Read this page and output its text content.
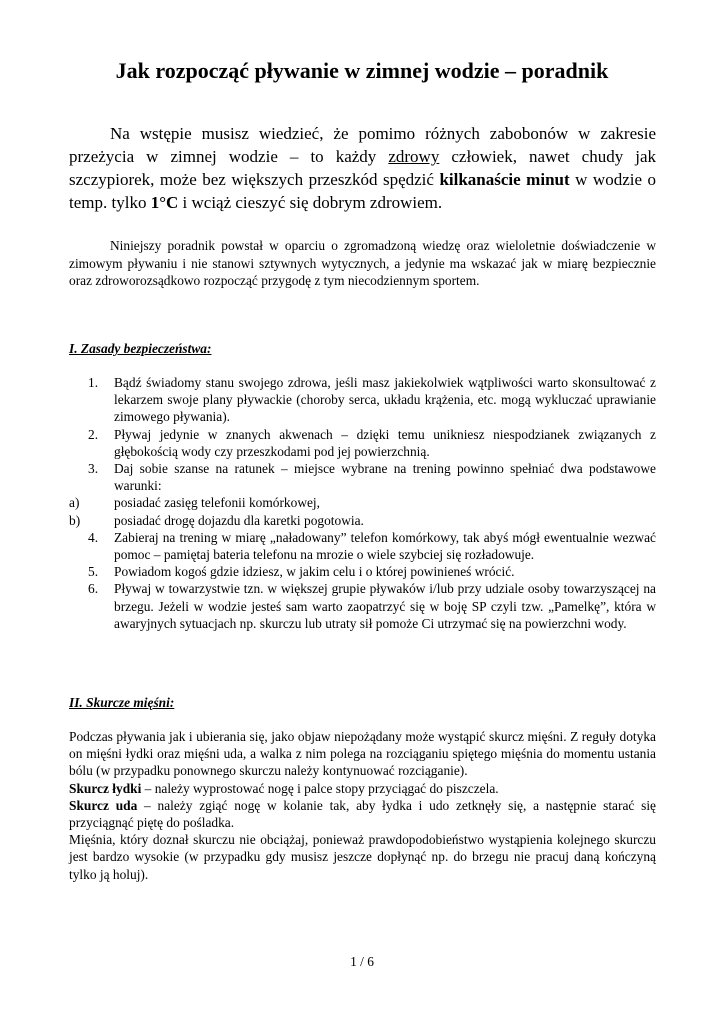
Jak rozpocząć pływanie w zimnej wodzie – poradnik

Na wstępie musisz wiedzieć, że pomimo różnych zabobonów w zakresie przeżycia w zimnej wodzie – to każdy zdrowy człowiek, nawet chudy jak szczypiorek, może bez większych przeszkód spędzić kilkanaście minut w wodzie o temp. tylko 1°C i wciąż cieszyć się dobrym zdrowiem.

Niniejszy poradnik powstał w oparciu o zgromadzoną wiedzę oraz wieloletnie doświadczenie w zimowym pływaniu i nie stanowi sztywnych wytycznych, a jedynie ma wskazać jak w miarę bezpiecznie oraz zdroworozsądkowo rozpocząć przygodę z tym niecodziennym sportem.

I. Zasady bezpieczeństwa:
1. Bądź świadomy stanu swojego zdrowa, jeśli masz jakiekolwiek wątpliwości warto skonsultować z lekarzem swoje plany pływackie (choroby serca, układu krążenia, etc. mogą wykluczać uprawianie zimowego pływania).
2. Pływaj jedynie w znanych akwenach – dzięki temu unikniesz niespodzianek związanych z głębokością wody czy przeszkodami pod jej powierzchnią.
3. Daj sobie szanse na ratunek – miejsce wybrane na trening powinno spełniać dwa podstawowe warunki:
a)	posiadać zasięg telefonii komórkowej,
b)	posiadać drogę dojazdu dla karetki pogotowia.
4. Zabieraj na trening w miarę „naładowany” telefon komórkowy, tak abyś mógł ewentualnie wezwać pomoc – pamiętaj bateria telefonu na mrozie o wiele szybciej się rozładowuje.
5. Powiadom kogoś gdzie idziesz, w jakim celu i o której powinieneś wrócić.
6. Pływaj w towarzystwie tzn. w większej grupie pływaków i/lub przy udziale osoby towarzyszącej na brzegu. Jeżeli w wodzie jesteś sam warto zaopatrzyć się w boję SP czyli tzw. „Pamelkę”, która w awaryjnych sytuacjach np. skurczu lub utraty sił pomoże Ci utrzymać się na powierzchni wody.
II. Skurcze mięśni:

Podczas pływania jak i ubierania się, jako objaw niepożądany może wystąpić skurcz mięśni. Z reguły dotyka on mięśni łydki oraz mięśni uda, a walka z nim polega na rozciąganiu spiętego mięśnia do momentu ustania bólu (w przypadku ponownego skurczu należy kontynuować rozciąganie).

Skurcz łydki – należy wyprostować nogę i palce stopy przyciągać do piszczela.

Skurcz uda – należy zgiąć nogę w kolanie tak, aby łydka i udo zetknęły się, a następnie starać się przyciągnąć piętę do pośladka.

Mięśnia, który doznał skurczu nie obciążaj, ponieważ prawdopodobieństwo wystąpienia kolejnego skurczu jest bardzo wysokie (w przypadku gdy musisz jeszcze dopłynąć np. do brzegu nie pracuj daną kończyną tylko ją holuj).

1 / 6
